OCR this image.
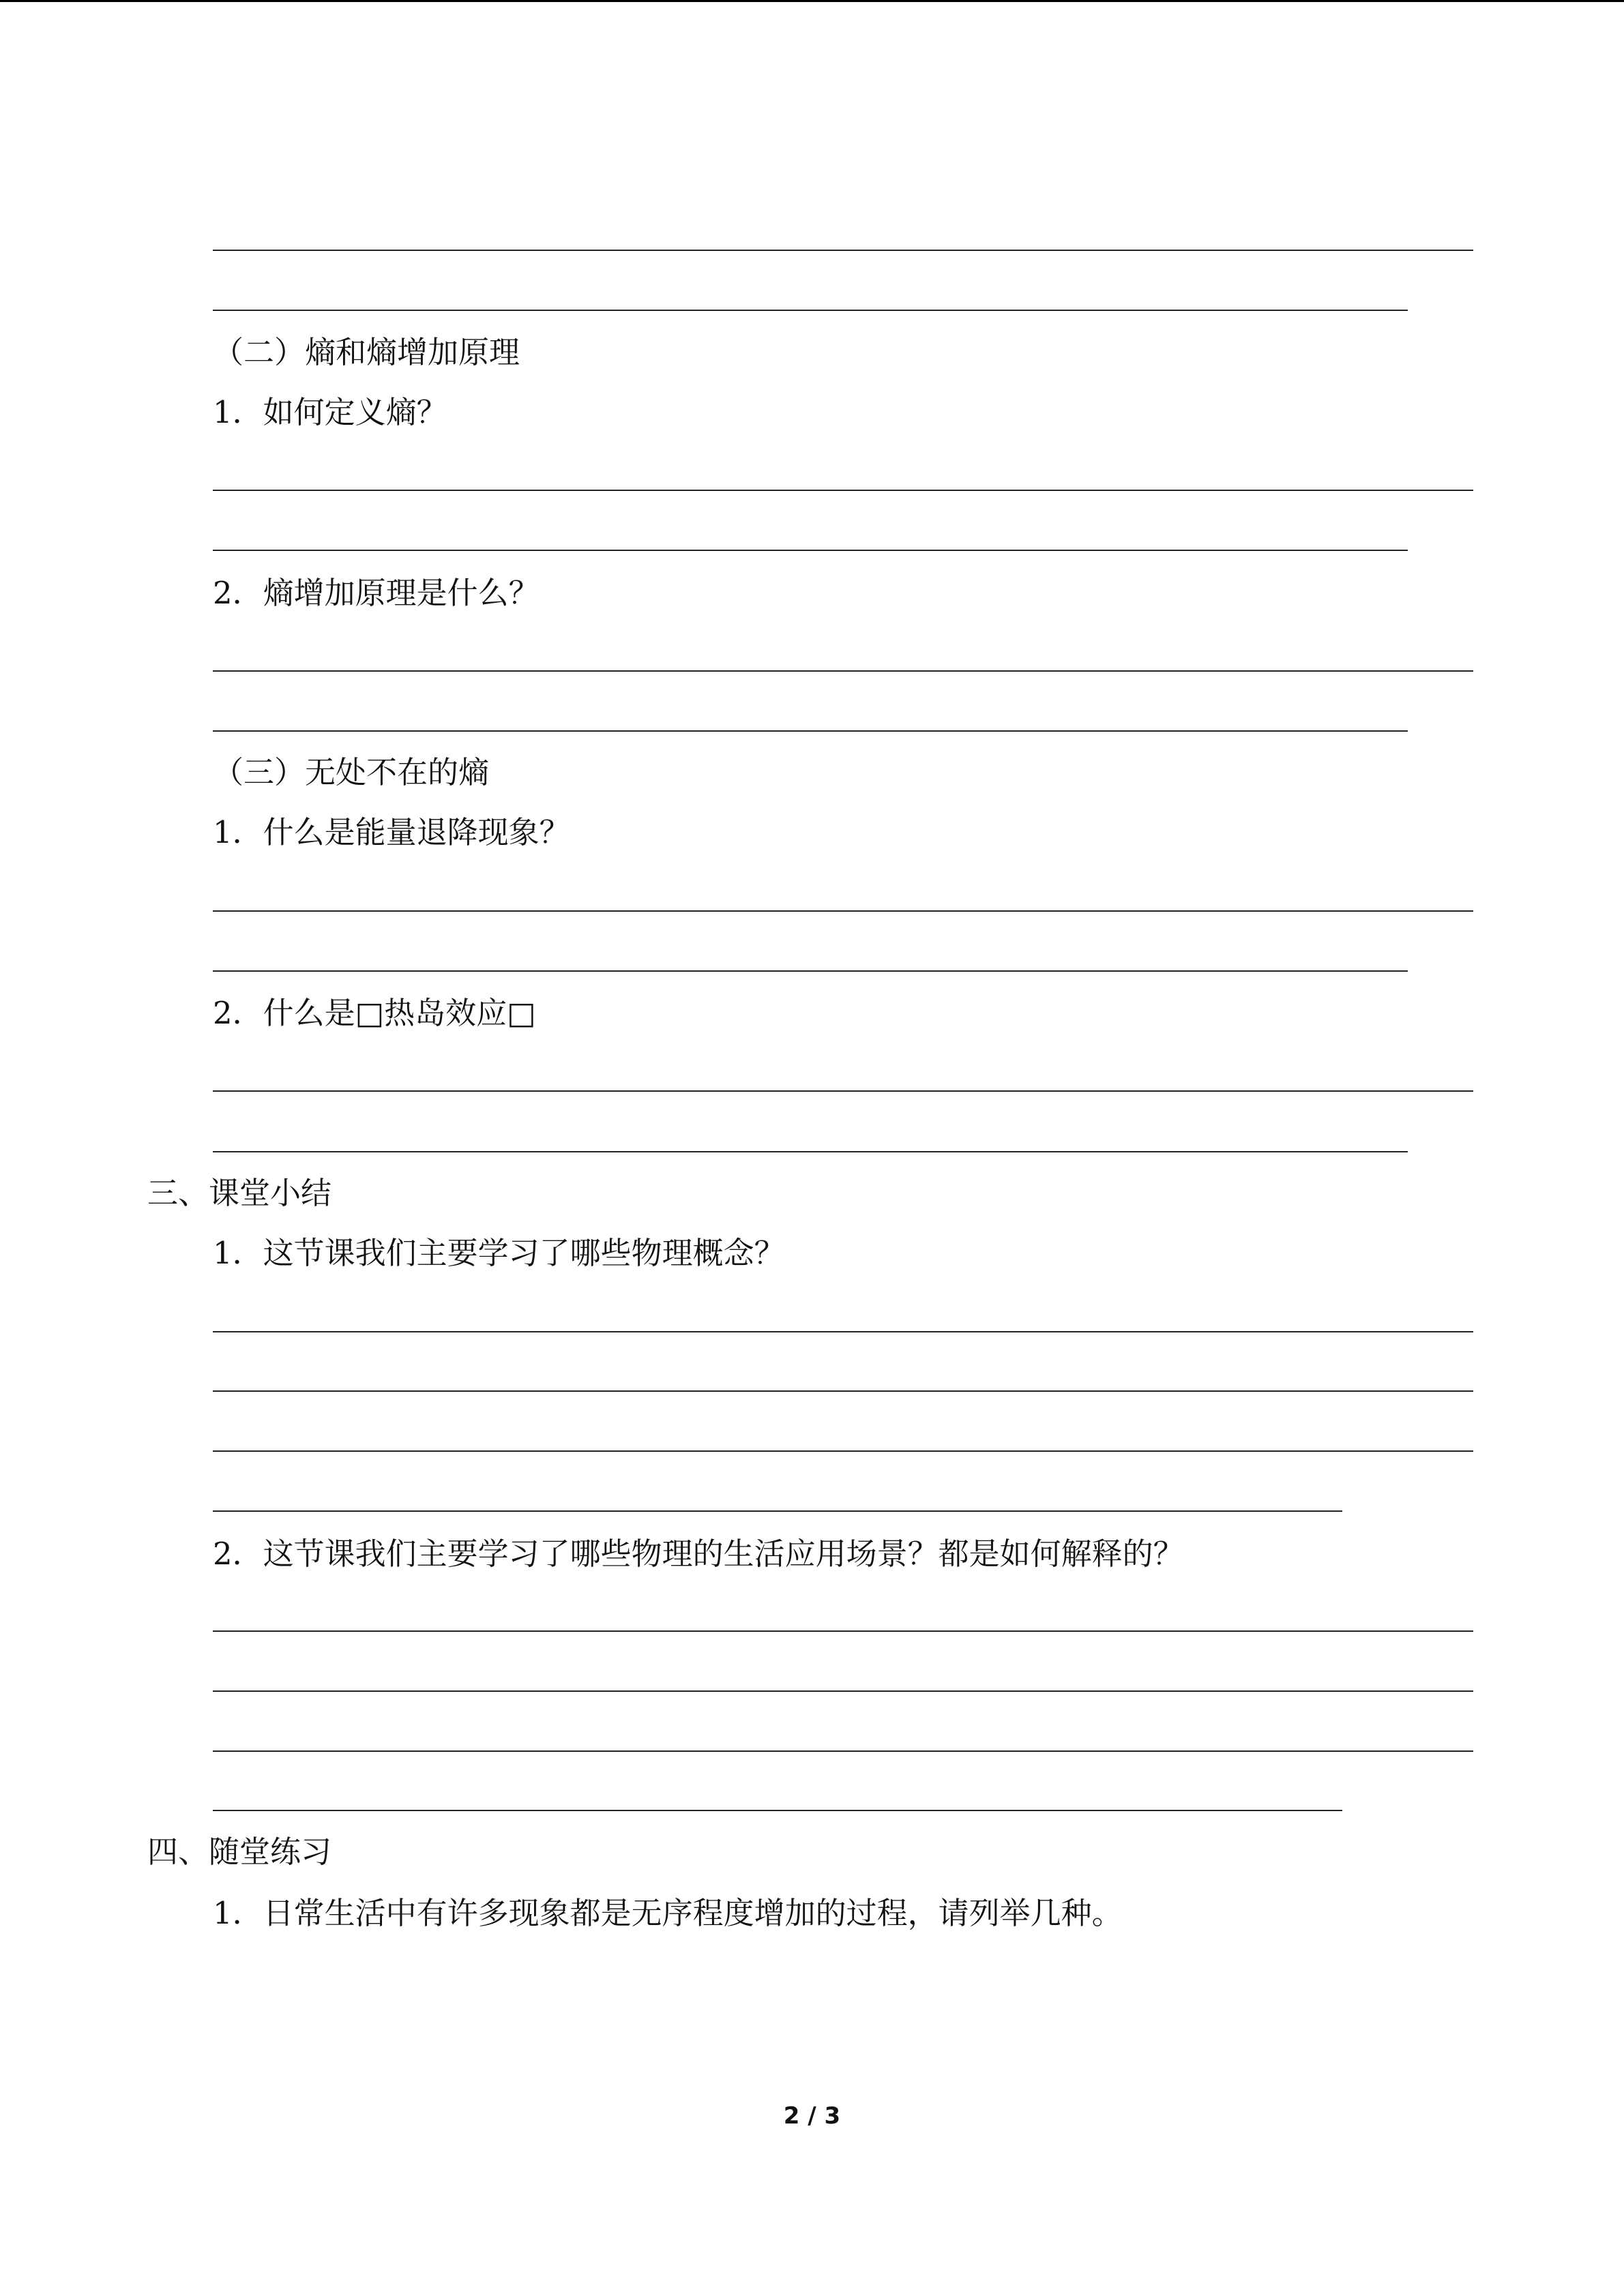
（二）熵和熵增加原理

1．如何定义熵？

2．熵增加原理是什么？

（三）无处不在的熵

1．什么是能量退降现象？

2．什么是□热岛效应□

三、课堂小结

1．这节课我们主要学习了哪些物理概念？

2．这节课我们主要学习了哪些物理的生活应用场景？都是如何解释的？

四、随堂练习

1．日常生活中有许多现象都是无序程度增加的过程，请列举几种。

2 / 3
